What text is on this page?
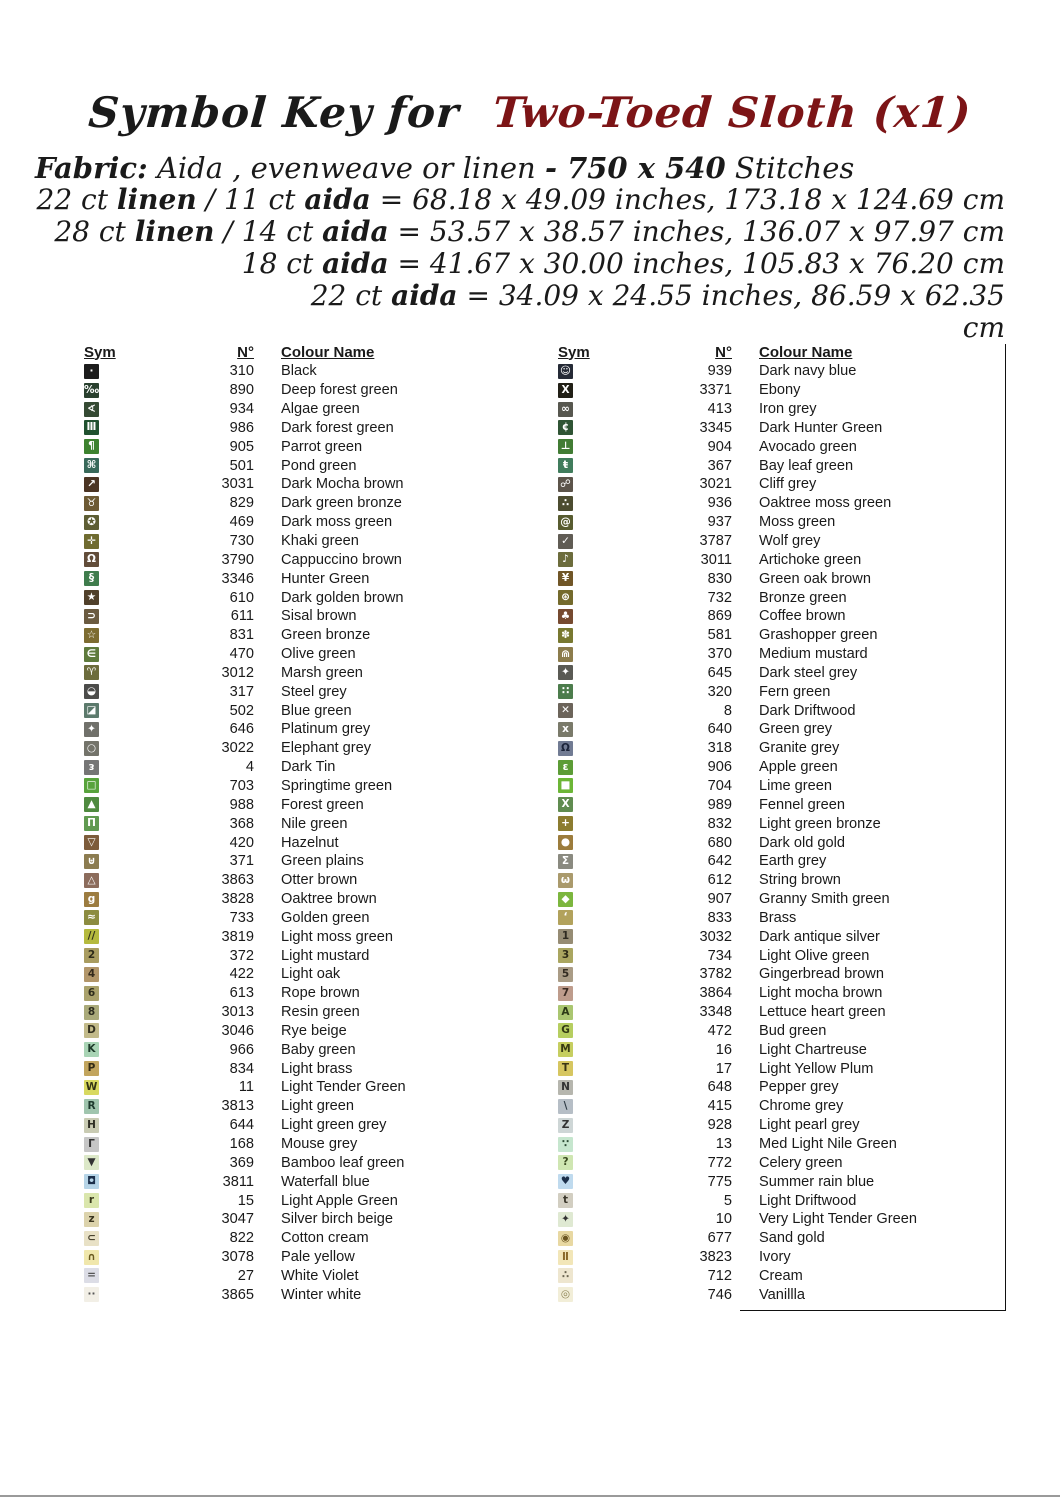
Symbol Key for Two-Toed Sloth (x1)
Fabric: Aida , evenweave or linen - 750 x 540 Stitches
22 ct linen / 11 ct aida = 68.18 x 49.09 inches, 173.18 x 124.69 cm
28 ct linen / 14 ct aida = 53.57 x 38.57 inches, 136.07 x 97.97 cm
18 ct aida = 41.67 x 30.00 inches, 105.83 x 76.20 cm
22 ct aida = 34.09 x 24.55 inches, 86.59 x 62.35
cm
Sym	N°	Colour Name
·	310	Black
‰	890	Deep forest green
∢	934	Algae green
Ⅲ	986	Dark forest green
¶	905	Parrot green
⌘	501	Pond green
↗	3031	Dark Mocha brown
♉	829	Dark green bronze
✪	469	Dark moss green
✛	730	Khaki green
Ω	3790	Cappuccino brown
§	3346	Hunter Green
★	610	Dark golden brown
⊃	611	Sisal brown
☆	831	Green bronze
∈	470	Olive green
♈	3012	Marsh green
◒	317	Steel grey
◪	502	Blue green
✦	646	Platinum grey
○	3022	Elephant grey
ᴈ	4	Dark Tin
□	703	Springtime green
▲	988	Forest green
Π	368	Nile green
▽	420	Hazelnut
⊎	371	Green plains
△	3863	Otter brown
g	3828	Oaktree brown
≈	733	Golden green
//	3819	Light moss green
2	372	Light mustard
4	422	Light oak
6	613	Rope brown
8	3013	Resin green
D	3046	Rye beige
K	966	Baby green
P	834	Light brass
W	11	Light Tender Green
R	3813	Light green
H	644	Light green grey
Γ	168	Mouse grey
▼	369	Bamboo leaf green
◘	3811	Waterfall blue
r	15	Light Apple Green
z	3047	Silver birch beige
⊂	822	Cotton cream
∩	3078	Pale yellow
=	27	White Violet
··	3865	Winter white
Sym	N°	Colour Name
☺	939	Dark navy blue
X	3371	Ebony
∞	413	Iron grey
¢	3345	Dark Hunter Green
⊥	904	Avocado green
ŧ	367	Bay leaf green
☍	3021	Cliff grey
∴	936	Oaktree moss green
@	937	Moss green
✓	3787	Wolf grey
♪	3011	Artichoke green
¥	830	Green oak brown
⊛	732	Bronze green
♣	869	Coffee brown
✽	581	Grashopper green
⋒	370	Medium mustard
✦	645	Dark steel grey
∷	320	Fern green
✕	8	Dark Driftwood
x	640	Green grey
Ω	318	Granite grey
ε	906	Apple green
■	704	Lime green
X	989	Fennel green
+	832	Light green bronze
●	680	Dark old gold
Σ	642	Earth grey
ω	612	String brown
◆	907	Granny Smith green
ʻ	833	Brass
1	3032	Dark antique silver
3	734	Light Olive green
5	3782	Gingerbread brown
7	3864	Light mocha brown
A	3348	Lettuce heart green
G	472	Bud green
M	16	Light Chartreuse
T	17	Light Yellow Plum
N	648	Pepper grey
\	415	Chrome grey
Z	928	Light pearl grey
∵	13	Med Light Nile Green
?	772	Celery green
♥	775	Summer rain blue
t	5	Light Driftwood
✦	10	Very Light Tender Green
◉	677	Sand gold
Ⅱ	3823	Ivory
∴	712	Cream
◎	746	Vanillla
